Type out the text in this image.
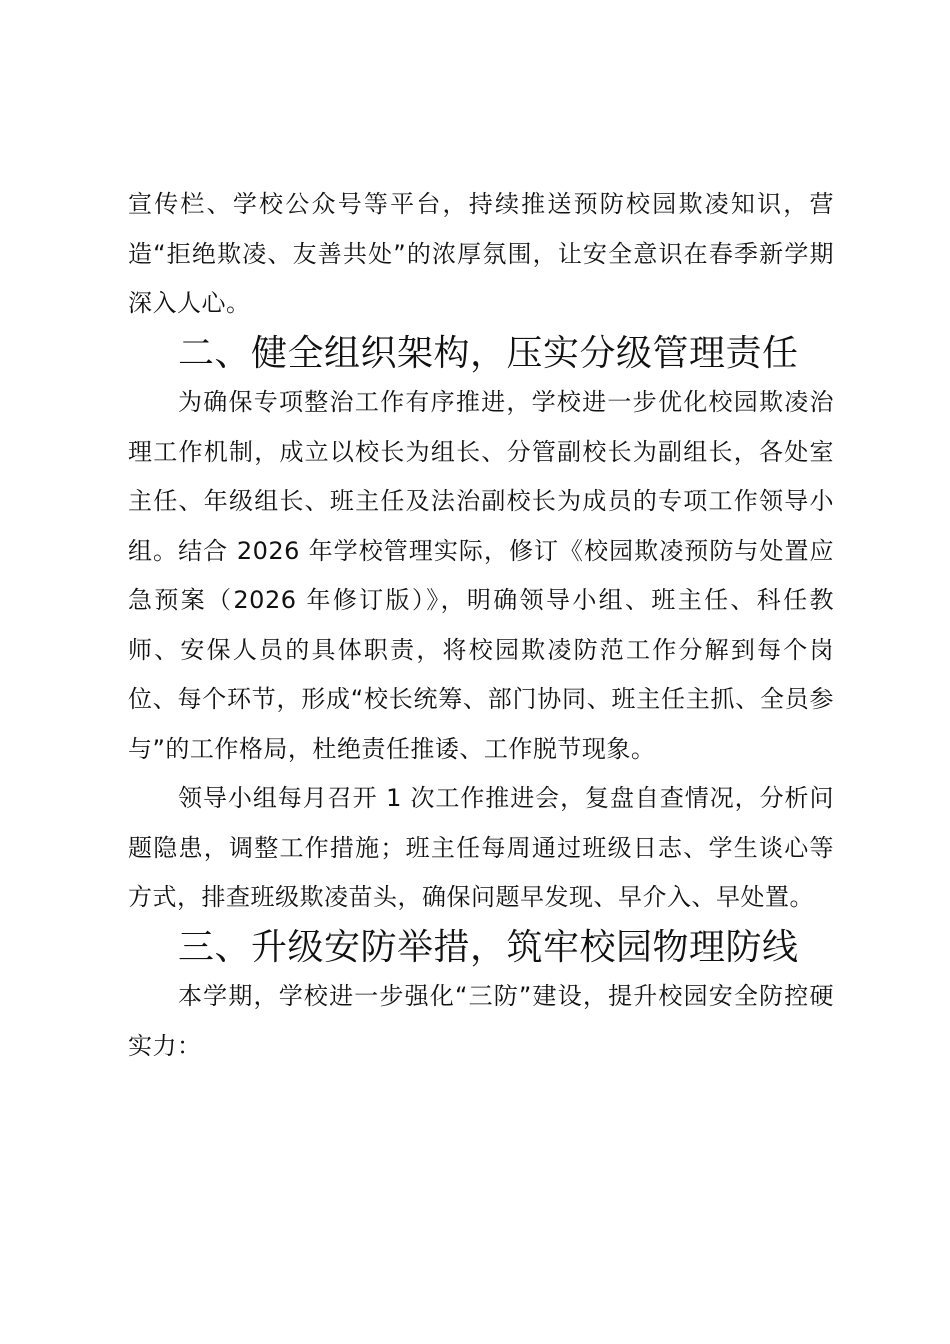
宣传栏、学校公众号等平台，持续推送预防校园欺凌知识，营造“拒绝欺凌、友善共处”的浓厚氛围，让安全意识在春季新学期深入人心。

二、健全组织架构，压实分级管理责任

为确保专项整治工作有序推进，学校进一步优化校园欺凌治理工作机制，成立以校长为组长、分管副校长为副组长，各处室主任、年级组长、班主任及法治副校长为成员的专项工作领导小组。结合 2026 年学校管理实际，修订《校园欺凌预防与处置应急预案（2026 年修订版）》，明确领导小组、班主任、科任教师、安保人员的具体职责，将校园欺凌防范工作分解到每个岗位、每个环节，形成“校长统筹、部门协同、班主任主抓、全员参与”的工作格局，杜绝责任推诿、工作脱节现象。

领导小组每月召开 1 次工作推进会，复盘自查情况，分析问题隐患，调整工作措施；班主任每周通过班级日志、学生谈心等方式，排查班级欺凌苗头，确保问题早发现、早介入、早处置。

三、升级安防举措，筑牢校园物理防线

本学期，学校进一步强化“三防”建设，提升校园安全防控硬实力：
